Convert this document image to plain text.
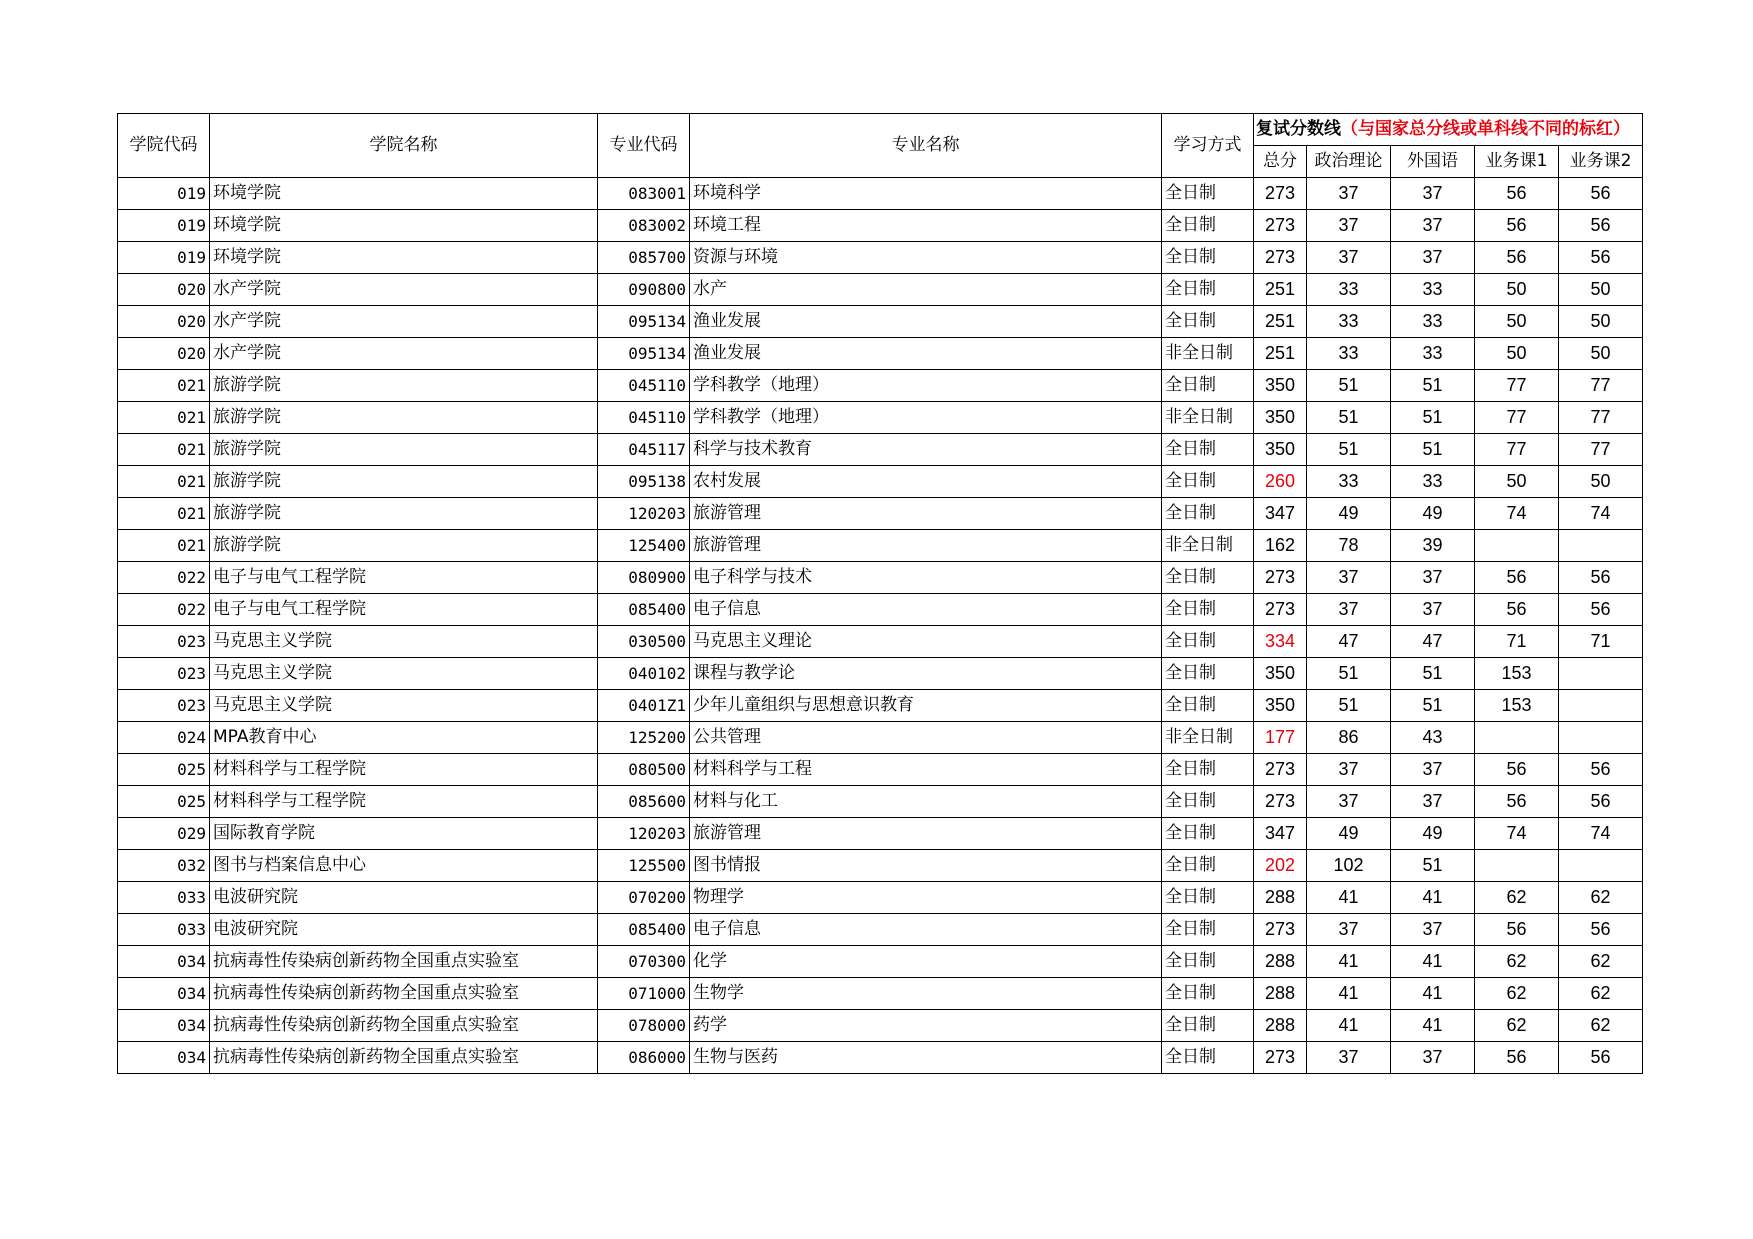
学院代码	学院名称	专业代码	专业名称	学习方式	复试分数线（与国家总分线或单科线不同的标红）				
					总分	政治理论	外国语	业务课1	业务课2
019	环境学院	083001	环境科学	全日制	273	37	37	56	56
019	环境学院	083002	环境工程	全日制	273	37	37	56	56
019	环境学院	085700	资源与环境	全日制	273	37	37	56	56
020	水产学院	090800	水产	全日制	251	33	33	50	50
020	水产学院	095134	渔业发展	全日制	251	33	33	50	50
020	水产学院	095134	渔业发展	非全日制	251	33	33	50	50
021	旅游学院	045110	学科教学（地理）	全日制	350	51	51	77	77
021	旅游学院	045110	学科教学（地理）	非全日制	350	51	51	77	77
021	旅游学院	045117	科学与技术教育	全日制	350	51	51	77	77
021	旅游学院	095138	农村发展	全日制	260	33	33	50	50
021	旅游学院	120203	旅游管理	全日制	347	49	49	74	74
021	旅游学院	125400	旅游管理	非全日制	162	78	39		
022	电子与电气工程学院	080900	电子科学与技术	全日制	273	37	37	56	56
022	电子与电气工程学院	085400	电子信息	全日制	273	37	37	56	56
023	马克思主义学院	030500	马克思主义理论	全日制	334	47	47	71	71
023	马克思主义学院	040102	课程与教学论	全日制	350	51	51	153	
023	马克思主义学院	0401Z1	少年儿童组织与思想意识教育	全日制	350	51	51	153	
024	MPA教育中心	125200	公共管理	非全日制	177	86	43		
025	材料科学与工程学院	080500	材料科学与工程	全日制	273	37	37	56	56
025	材料科学与工程学院	085600	材料与化工	全日制	273	37	37	56	56
029	国际教育学院	120203	旅游管理	全日制	347	49	49	74	74
032	图书与档案信息中心	125500	图书情报	全日制	202	102	51		
033	电波研究院	070200	物理学	全日制	288	41	41	62	62
033	电波研究院	085400	电子信息	全日制	273	37	37	56	56
034	抗病毒性传染病创新药物全国重点实验室	070300	化学	全日制	288	41	41	62	62
034	抗病毒性传染病创新药物全国重点实验室	071000	生物学	全日制	288	41	41	62	62
034	抗病毒性传染病创新药物全国重点实验室	078000	药学	全日制	288	41	41	62	62
034	抗病毒性传染病创新药物全国重点实验室	086000	生物与医药	全日制	273	37	37	56	56
